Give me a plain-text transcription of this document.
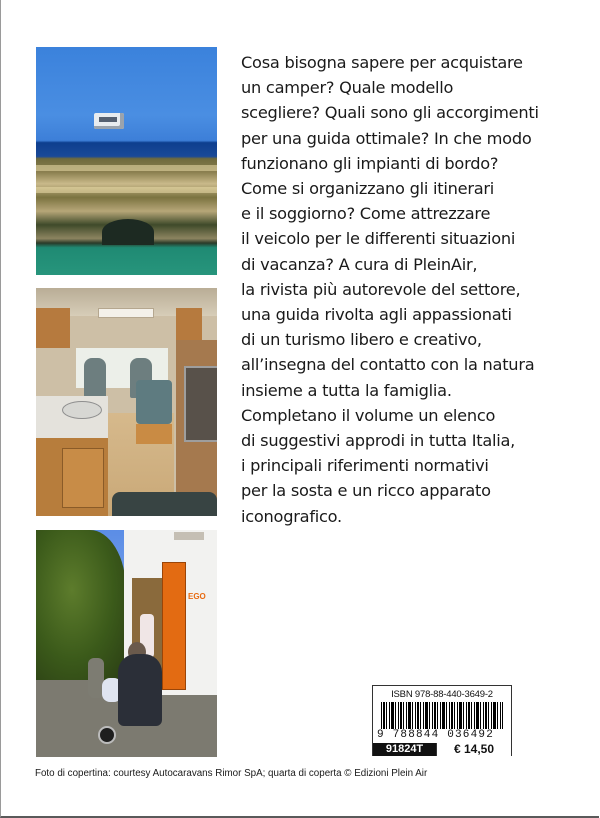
EGO
Cosa bisogna sapere per acquistare
un camper? Quale modello
scegliere? Quali sono gli accorgimenti
per una guida ottimale? In che modo
funzionano gli impianti di bordo?
Come si organizzano gli itinerari
e il soggiorno? Come attrezzare
il veicolo per le differenti situazioni
di vacanza? A cura di PleinAir,
la rivista più autorevole del settore,
una guida rivolta agli appassionati
di un turismo libero e creativo,
all’insegna del contatto con la natura
insieme a tutta la famiglia.
Completano il volume un elenco
di suggestivi approdi in tutta Italia,
i principali riferimenti normativi
per la sosta e un ricco apparato
iconografico.
ISBN 978-88-440-3649-2
9 788844 036492
91824T	€ 14,50
Foto di copertina: courtesy Autocaravans Rimor SpA; quarta di coperta © Edizioni Plein Air
